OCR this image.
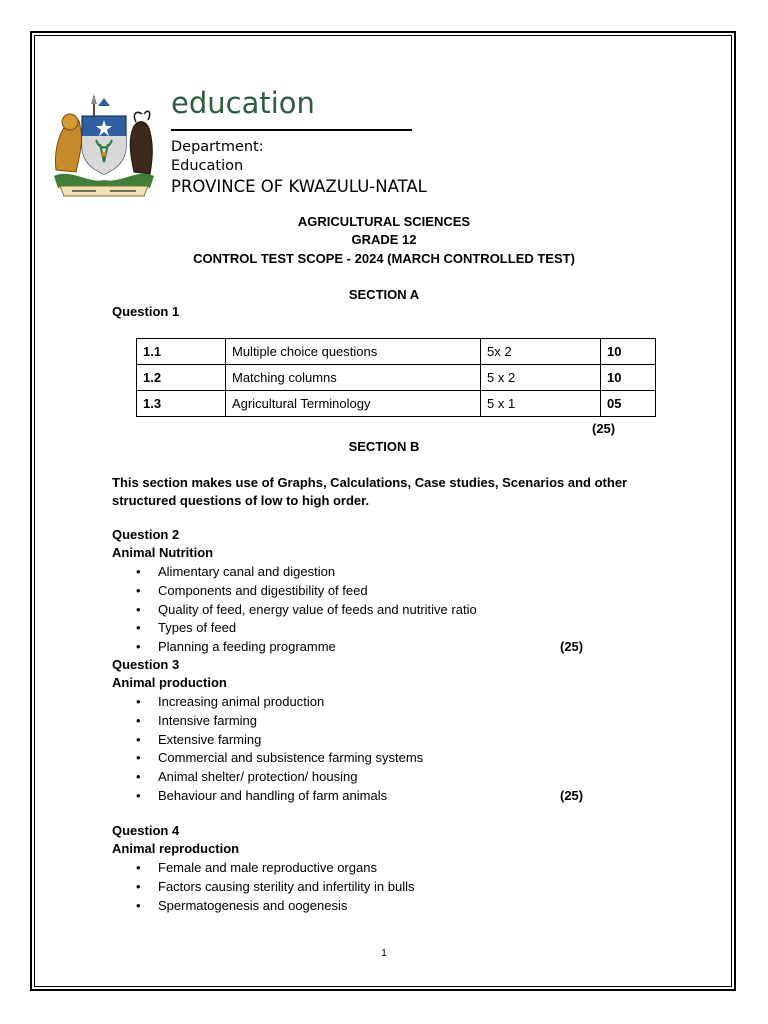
education
Department:
Education
PROVINCE OF KWAZULU-NATAL
AGRICULTURAL SCIENCES
GRADE 12
CONTROL TEST SCOPE - 2024 (MARCH CONTROLLED TEST)
SECTION A
Question 1
1.1	Multiple choice questions	5x 2	10
1.2	Matching columns	5 x 2	10
1.3	Agricultural Terminology	5 x 1	05
(25)
SECTION B
This section makes use of Graphs, Calculations, Case studies, Scenarios and other structured questions of low to high order.
Question 2
Animal Nutrition
• Alimentary canal and digestion
• Components and digestibility of feed
• Quality of feed, energy value of feeds and nutritive ratio
• Types of feed
• Planning a feeding programme	(25)
Question 3
Animal production
• Increasing animal production
• Intensive farming
• Extensive farming
• Commercial and subsistence farming systems
• Animal shelter/ protection/ housing
• Behaviour and handling of farm animals	(25)
Question 4
Animal reproduction
• Female and male reproductive organs
• Factors causing sterility and infertility in bulls
• Spermatogenesis and oogenesis
1
